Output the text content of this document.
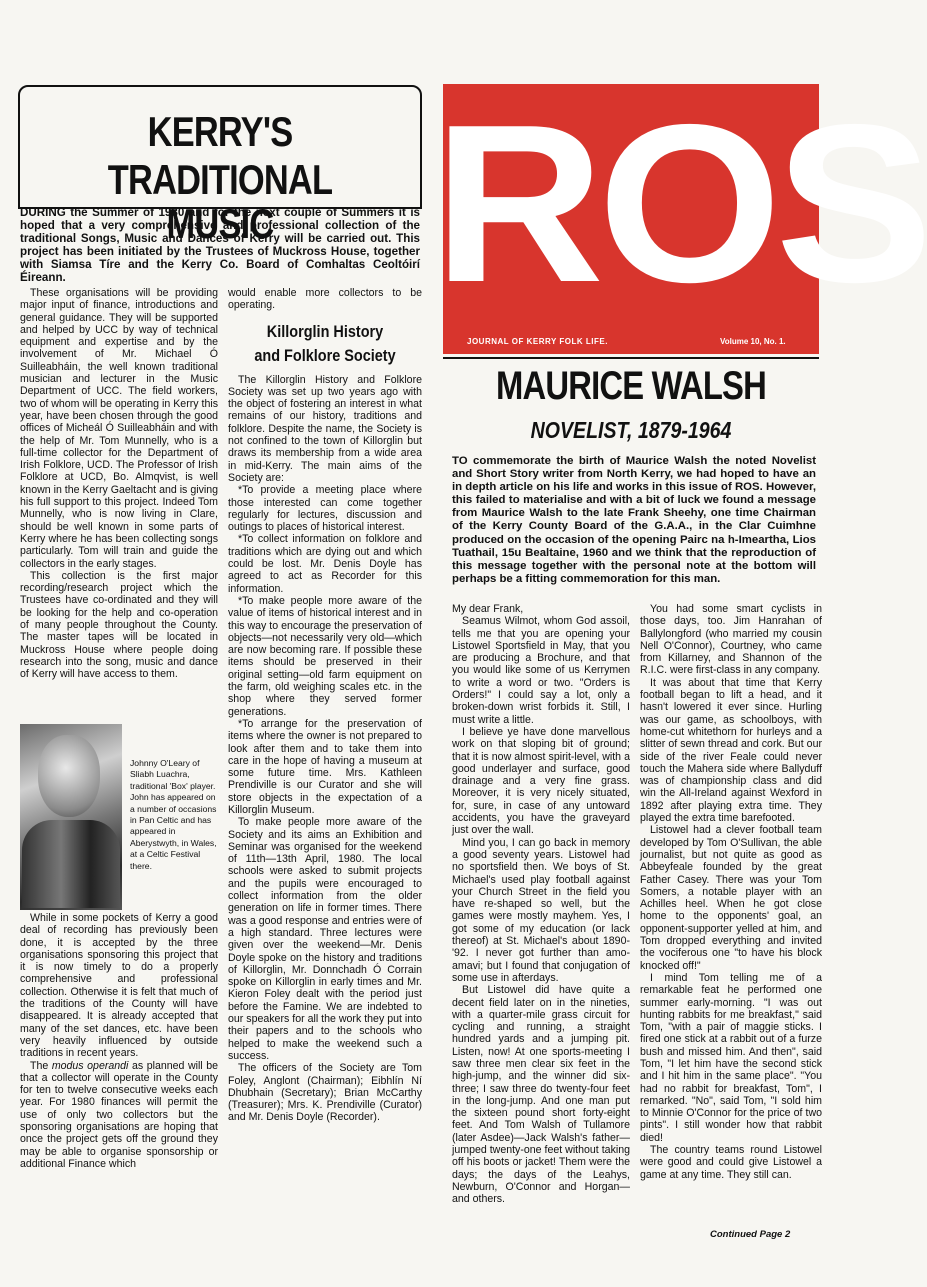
KERRY'S
TRADITIONAL MUSIC

DURING the Summer of 1980 and for the next couple of Summers it is hoped that a very comprehensive and professional collection of the traditional Songs, Music and Dances of Kerry will be carried out. This project has been initiated by the Trustees of Muckross House, together with Siamsa Tíre and the Kerry Co. Board of Comhaltas Ceoltóirí Éireann.

These organisations will be providing major input of finance, introductions and general guidance. They will be supported and helped by UCC by way of technical equipment and expertise and by the involvement of Mr. Michael Ó Suilleabháin, the well known traditional musician and lecturer in the Music Department of UCC. The field workers, two of whom will be operating in Kerry this year, have been chosen through the good offices of Micheál Ó Suilleabháin and with the help of Mr. Tom Munnelly, who is a full-time collector for the Department of Irish Folklore, UCD. The Professor of Irish Folklore at UCD, Bo. Almqvist, is well known in the Kerry Gaeltacht and is giving his full support to this project. Indeed Tom Munnelly, who is now living in Clare, should be well known in some parts of Kerry where he has been collecting songs particularly. Tom will train and guide the collectors in the early stages.

This collection is the first major recording/research project which the Trustees have co-ordinated and they will be looking for the help and co-operation of many people throughout the County. The master tapes will be located in Muckross House where people doing research into the song, music and dance of Kerry will have access to them.

Johnny O'Leary of Sliabh Luachra, traditional 'Box' player. John has appeared on a number of occasions in Pan Celtic and has appeared in Aberystwyth, in Wales, at a Celtic Festival there.

While in some pockets of Kerry a good deal of recording has previously been done, it is accepted by the three organisations sponsoring this project that it is now timely to do a properly comprehensive and professional collection. Otherwise it is felt that much of the traditions of the County will have disappeared. It is already accepted that many of the set dances, etc. have been very heavily influenced by outside traditions in recent years.

The modus operandi as planned will be that a collector will operate in the County for ten to twelve consecutive weeks each year. For 1980 finances will permit the use of only two collectors but the sponsoring organisations are hoping that once the project gets off the ground they may be able to organise sponsorship or additional Finance which

would enable more collectors to be operating.

Killorglin History
and Folklore Society

The Killorglin History and Folklore Society was set up two years ago with the object of fostering an interest in what remains of our history, traditions and folklore. Despite the name, the Society is not confined to the town of Killorglin but draws its membership from a wide area in mid-Kerry. The main aims of the Society are:

*To provide a meeting place where those interested can come together regularly for lectures, discussion and outings to places of historical interest.

*To collect information on folklore and traditions which are dying out and which could be lost. Mr. Denis Doyle has agreed to act as Recorder for this information.

*To make people more aware of the value of items of historical interest and in this way to encourage the preservation of objects—not necessarily very old—which are now becoming rare. If possible these items should be preserved in their original setting—old farm equipment on the farm, old weighing scales etc. in the shop where they served former generations.

*To arrange for the preservation of items where the owner is not prepared to look after them and to take them into care in the hope of having a museum at some future time. Mrs. Kathleen Prendiville is our Curator and she will store objects in the expectation of a Killorglin Museum.

To make people more aware of the Society and its aims an Exhibition and Seminar was organised for the weekend of 11th—13th April, 1980. The local schools were asked to submit projects and the pupils were encouraged to collect information from the older generation on life in former times. There was a good response and entries were of a high standard. Three lectures were given over the weekend—Mr. Denis Doyle spoke on the history and traditions of Killorglin, Mr. Donnchadh Ó Corrain spoke on Killorglin in early times and Mr. Kieron Foley dealt with the period just before the Famine. We are indebted to our speakers for all the work they put into their papers and to the schools who helped to make the weekend such a success.

The officers of the Society are Tom Foley, Anglont (Chairman); Eibhlín Ní Dhubhain (Secretary); Brian McCarthy (Treasurer); Mrs. K. Prendiville (Curator) and Mr. Denis Doyle (Recorder).

ROS
JOURNAL OF KERRY FOLK LIFE.	Volume 10, No. 1.
MAURICE WALSH
NOVELIST, 1879-1964

TO commemorate the birth of Maurice Walsh the noted Novelist and Short Story writer from North Kerry, we had hoped to have an in depth article on his life and works in this issue of ROS. However, this failed to materialise and with a bit of luck we found a message from Maurice Walsh to the late Frank Sheehy, one time Chairman of the Kerry County Board of the G.A.A., in the Clar Cuimhne produced on the occasion of the opening Pairc na h-Imeartha, Lios Tuathail, 15u Bealtaine, 1960 and we think that the reproduction of this message together with the personal note at the bottom will perhaps be a fitting commemoration for this man.

My dear Frank,

Seamus Wilmot, whom God assoil, tells me that you are opening your Listowel Sportsfield in May, that you are producing a Brochure, and that you would like some of us Kerrymen to write a word or two. "Orders is Orders!" I could say a lot, only a broken-down wrist forbids it. Still, I must write a little.

I believe ye have done marvellous work on that sloping bit of ground; that it is now almost spirit-level, with a good underlayer and surface, good drainage and a very fine grass. Moreover, it is very nicely situated, for, sure, in case of any untoward accidents, you have the graveyard just over the wall.

Mind you, I can go back in memory a good seventy years. Listowel had no sportsfield then. We boys of St. Michael's used play football against your Church Street in the field you have re-shaped so well, but the games were mostly mayhem. Yes, I got some of my education (or lack thereof) at St. Michael's about 1890-'92. I never got further than amo-amavi; but I found that conjugation of some use in afterdays.

But Listowel did have quite a decent field later on in the nineties, with a quarter-mile grass circuit for cycling and running, a straight hundred yards and a jumping pit. Listen, now! At one sports-meeting I saw three men clear six feet in the high-jump, and the winner did six-three; I saw three do twenty-four feet in the long-jump. And one man put the sixteen pound short forty-eight feet. And Tom Walsh of Tullamore (later Asdee)—Jack Walsh's father—jumped twenty-one feet without taking off his boots or jacket! Them were the days; the days of the Leahys, Newburn, O'Connor and Horgan—and others.

You had some smart cyclists in those days, too. Jim Hanrahan of Ballylongford (who married my cousin Nell O'Connor), Courtney, who came from Killarney, and Shannon of the R.I.C. were first-class in any company.

It was about that time that Kerry football began to lift a head, and it hasn't lowered it ever since. Hurling was our game, as schoolboys, with home-cut whitethorn for hurleys and a slitter of sewn thread and cork. But our side of the river Feale could never touch the Mahera side where Ballyduff was of championship class and did win the All-Ireland against Wexford in 1892 after playing extra time. They played the extra time barefooted.

Listowel had a clever football team developed by Tom O'Sullivan, the able journalist, but not quite as good as Abbeyfeale founded by the great Father Casey. There was your Tom Somers, a notable player with an Achilles heel. When he got close home to the opponents' goal, an opponent-supporter yelled at him, and Tom dropped everything and invited the vociferous one "to have his block knocked off!"

I mind Tom telling me of a remarkable feat he performed one summer early-morning. "I was out hunting rabbits for me breakfast," said Tom, "with a pair of maggie sticks. I fired one stick at a rabbit out of a furze bush and missed him. And then", said Tom, "I let him have the second stick and I hit him in the same place". "You had no rabbit for breakfast, Tom", I remarked. "No", said Tom, "I sold him to Minnie O'Connor for the price of two pints". I still wonder how that rabbit died!

The country teams round Listowel were good and could give Listowel a game at any time. They still can.

Continued Page 2
